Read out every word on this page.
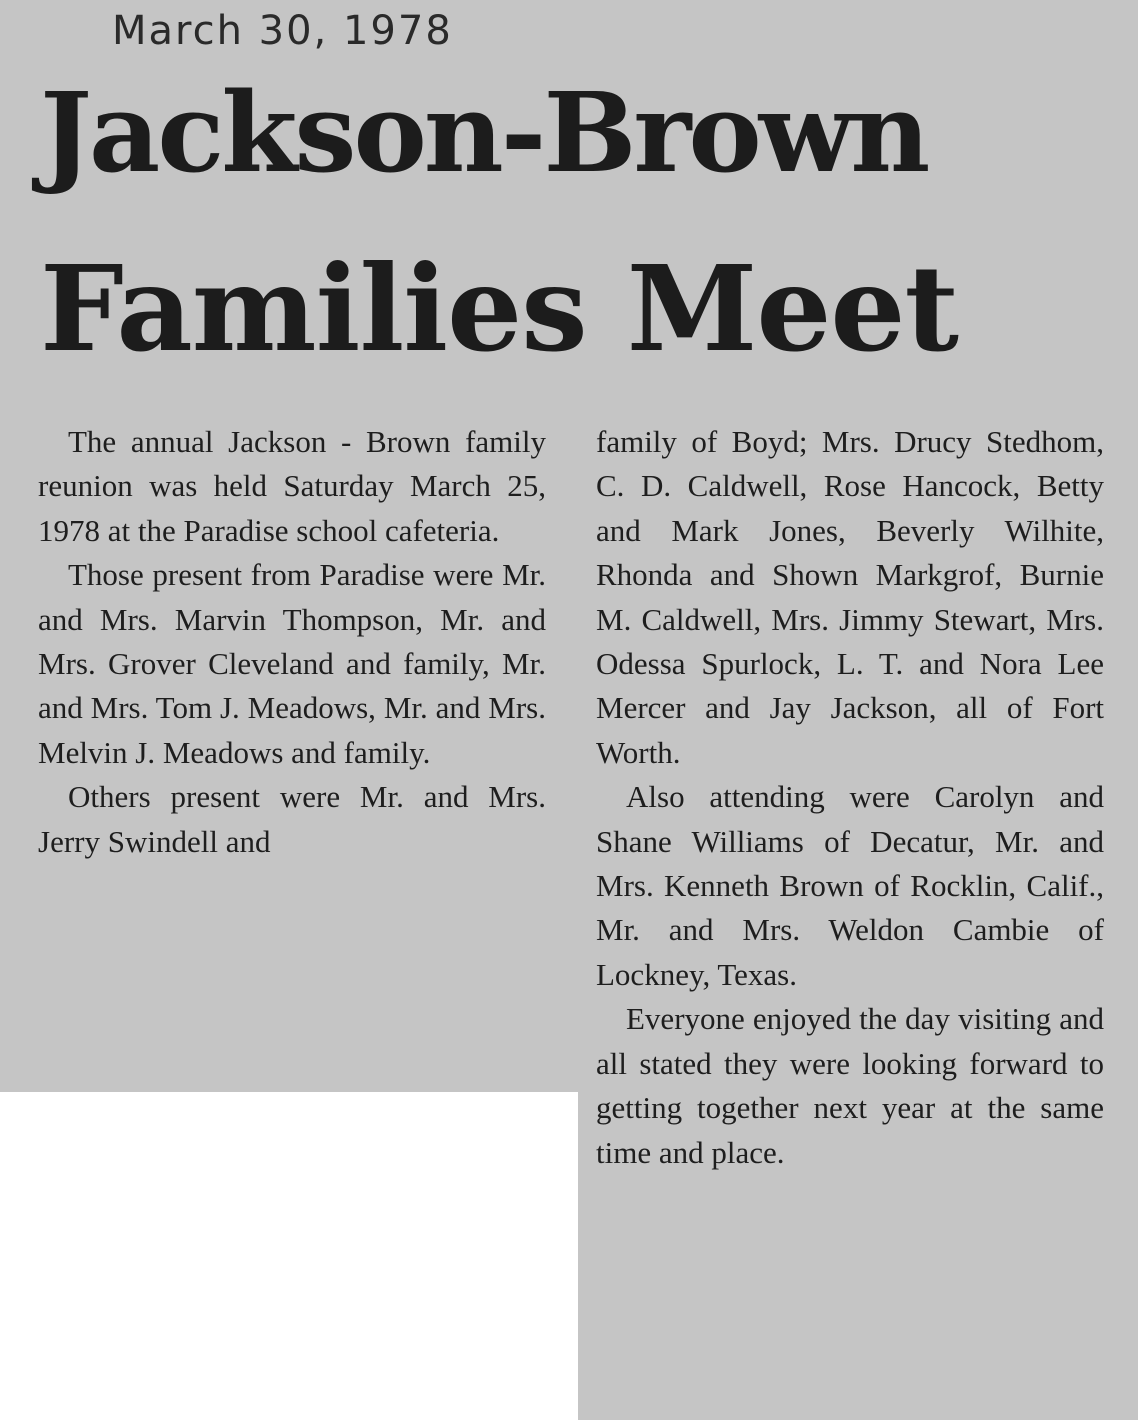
March 30, 1978
Jackson-Brown
Families Meet

The annual Jackson - Brown family reunion was held Saturday March 25, 1978 at the Paradise school cafeteria.

Those present from Paradise were Mr. and Mrs. Marvin Thompson, Mr. and Mrs. Grover Cleveland and family, Mr. and Mrs. Tom J. Meadows, Mr. and Mrs. Melvin J. Meadows and family.

Others present were Mr. and Mrs. Jerry Swindell and

family of Boyd; Mrs. Drucy Stedhom, C. D. Caldwell, Rose Hancock, Betty and Mark Jones, Beverly Wilhite, Rhonda and Shown Markgrof, Burnie M. Caldwell, Mrs. Jimmy Stewart, Mrs. Odessa Spurlock, L. T. and Nora Lee Mercer and Jay Jackson, all of Fort Worth.

Also attending were Carolyn and Shane Williams of Decatur, Mr. and Mrs. Kenneth Brown of Rocklin, Calif., Mr. and Mrs. Weldon Cambie of Lockney, Texas.

Everyone enjoyed the day visiting and all stated they were looking forward to getting together next year at the same time and place.
